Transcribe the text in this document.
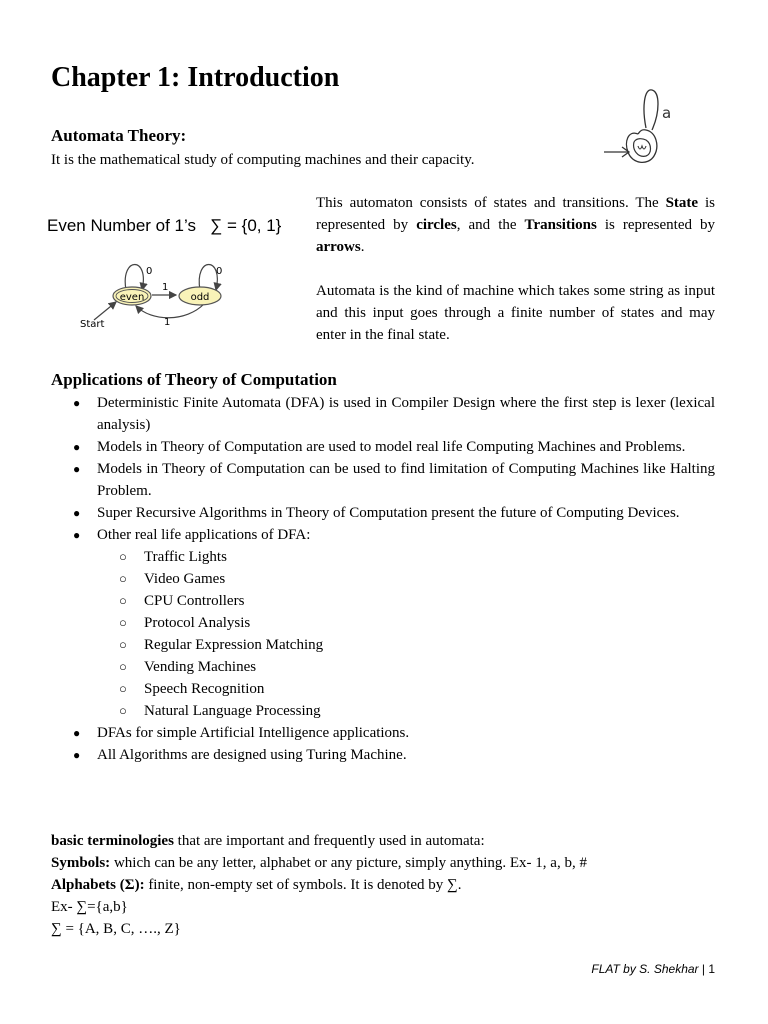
Chapter 1: Introduction
Automata Theory:

It is the mathematical study of computing machines and their capacity.

a
Even Number of 1’s ∑ = {0, 1}
even	odd
0	0
1
1
Start

This automaton consists of states and transitions. The State is represented by circles, and the Transitions is represented by arrows.

Automata is the kind of machine which takes some string as input and this input goes through a finite number of states and may enter in the final state.

Applications of Theory of Computation
● Deterministic Finite Automata (DFA) is used in Compiler Design where the first step is lexer (lexical analysis)
● Models in Theory of Computation are used to model real life Computing Machines and Problems.
● Models in Theory of Computation can be used to find limitation of Computing Machines like Halting Problem.
● Super Recursive Algorithms in Theory of Computation present the future of Computing Devices.
● Other real life applications of DFA:
○ Traffic Lights
○ Video Games
○ CPU Controllers
○ Protocol Analysis
○ Regular Expression Matching
○ Vending Machines
○ Speech Recognition
○ Natural Language Processing
● DFAs for simple Artificial Intelligence applications.
● All Algorithms are designed using Turing Machine.

basic terminologies that are important and frequently used in automata:

Symbols: which can be any letter, alphabet or any picture, simply anything. Ex- 1, a, b, #

Alphabets (Σ): finite, non-empty set of symbols. It is denoted by ∑.

Ex- ∑={a,b}

∑ = {A, B, C, …., Z}

FLAT by S. Shekhar | 1
